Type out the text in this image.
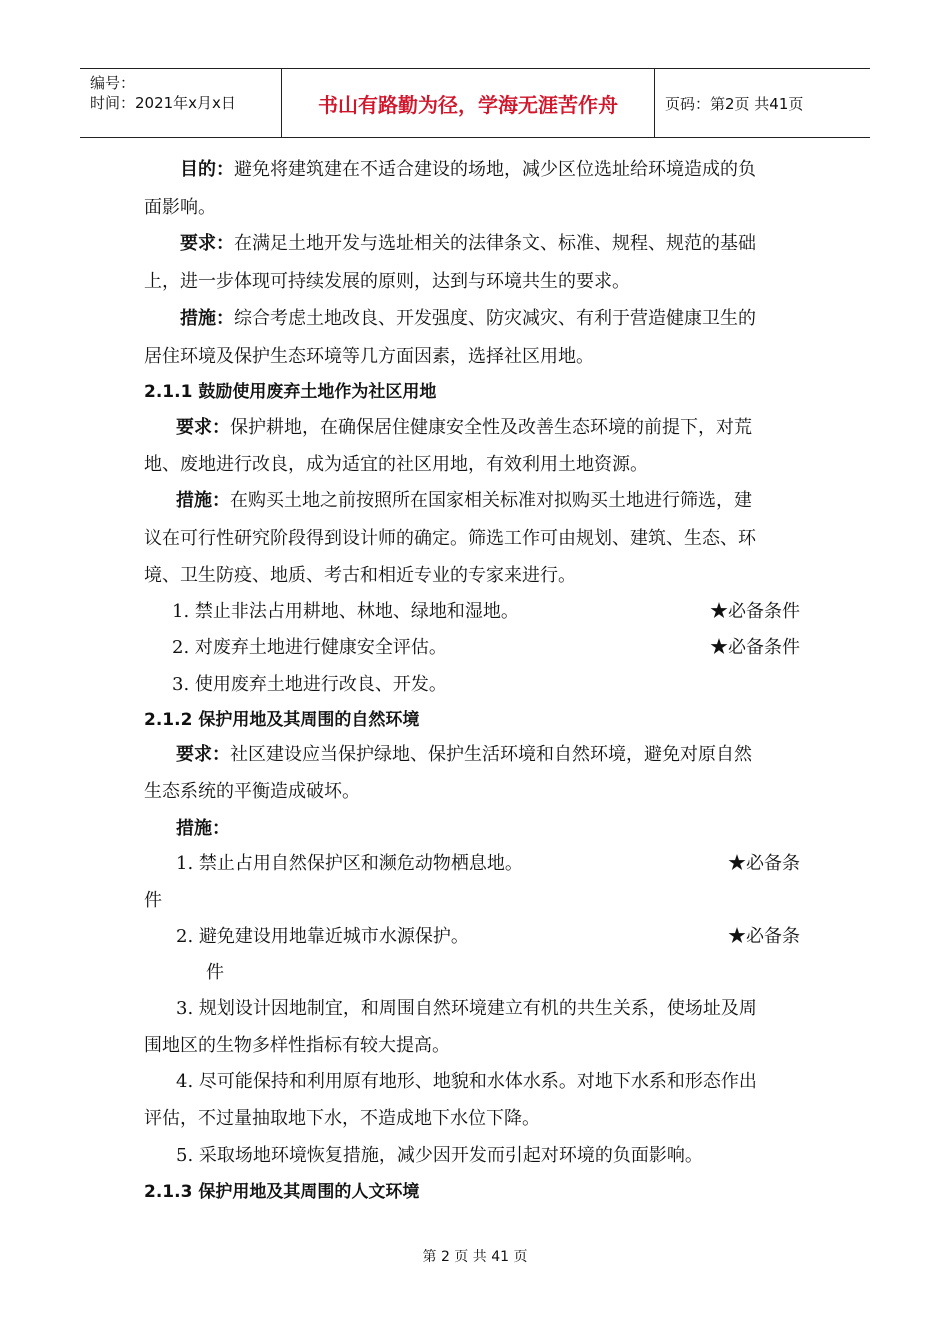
编号：
时间：2021年x月x日	书山有路勤为径，学海无涯苦作舟	页码：第2页 共41页
目的：避免将建筑建在不适合建设的场地，减少区位选址给环境造成的负
面影响。
要求：在满足土地开发与选址相关的法律条文、标准、规程、规范的基础
上，进一步体现可持续发展的原则，达到与环境共生的要求。
措施：综合考虑土地改良、开发强度、防灾减灾、有利于营造健康卫生的
居住环境及保护生态环境等几方面因素，选择社区用地。
2.1.1 鼓励使用废弃土地作为社区用地
要求：保护耕地，在确保居住健康安全性及改善生态环境的前提下，对荒
地、废地进行改良，成为适宜的社区用地，有效利用土地资源。
措施：在购买土地之前按照所在国家相关标准对拟购买土地进行筛选，建
议在可行性研究阶段得到设计师的确定。筛选工作可由规划、建筑、生态、环
境、卫生防疫、地质、考古和相近专业的专家来进行。
1. 禁止非法占用耕地、林地、绿地和湿地。	★必备条件
2. 对废弃土地进行健康安全评估。	★必备条件
3. 使用废弃土地进行改良、开发。
2.1.2 保护用地及其周围的自然环境
要求：社区建设应当保护绿地、保护生活环境和自然环境，避免对原自然
生态系统的平衡造成破坏。
措施：
1. 禁止占用自然保护区和濒危动物栖息地。	★必备条
件
2. 避免建设用地靠近城市水源保护。	★必备条
件
3. 规划设计因地制宜，和周围自然环境建立有机的共生关系，使场址及周
围地区的生物多样性指标有较大提高。
4. 尽可能保持和利用原有地形、地貌和水体水系。对地下水系和形态作出
评估，不过量抽取地下水，不造成地下水位下降。
5. 采取场地环境恢复措施，减少因开发而引起对环境的负面影响。
2.1.3 保护用地及其周围的人文环境
第 2 页 共 41 页
